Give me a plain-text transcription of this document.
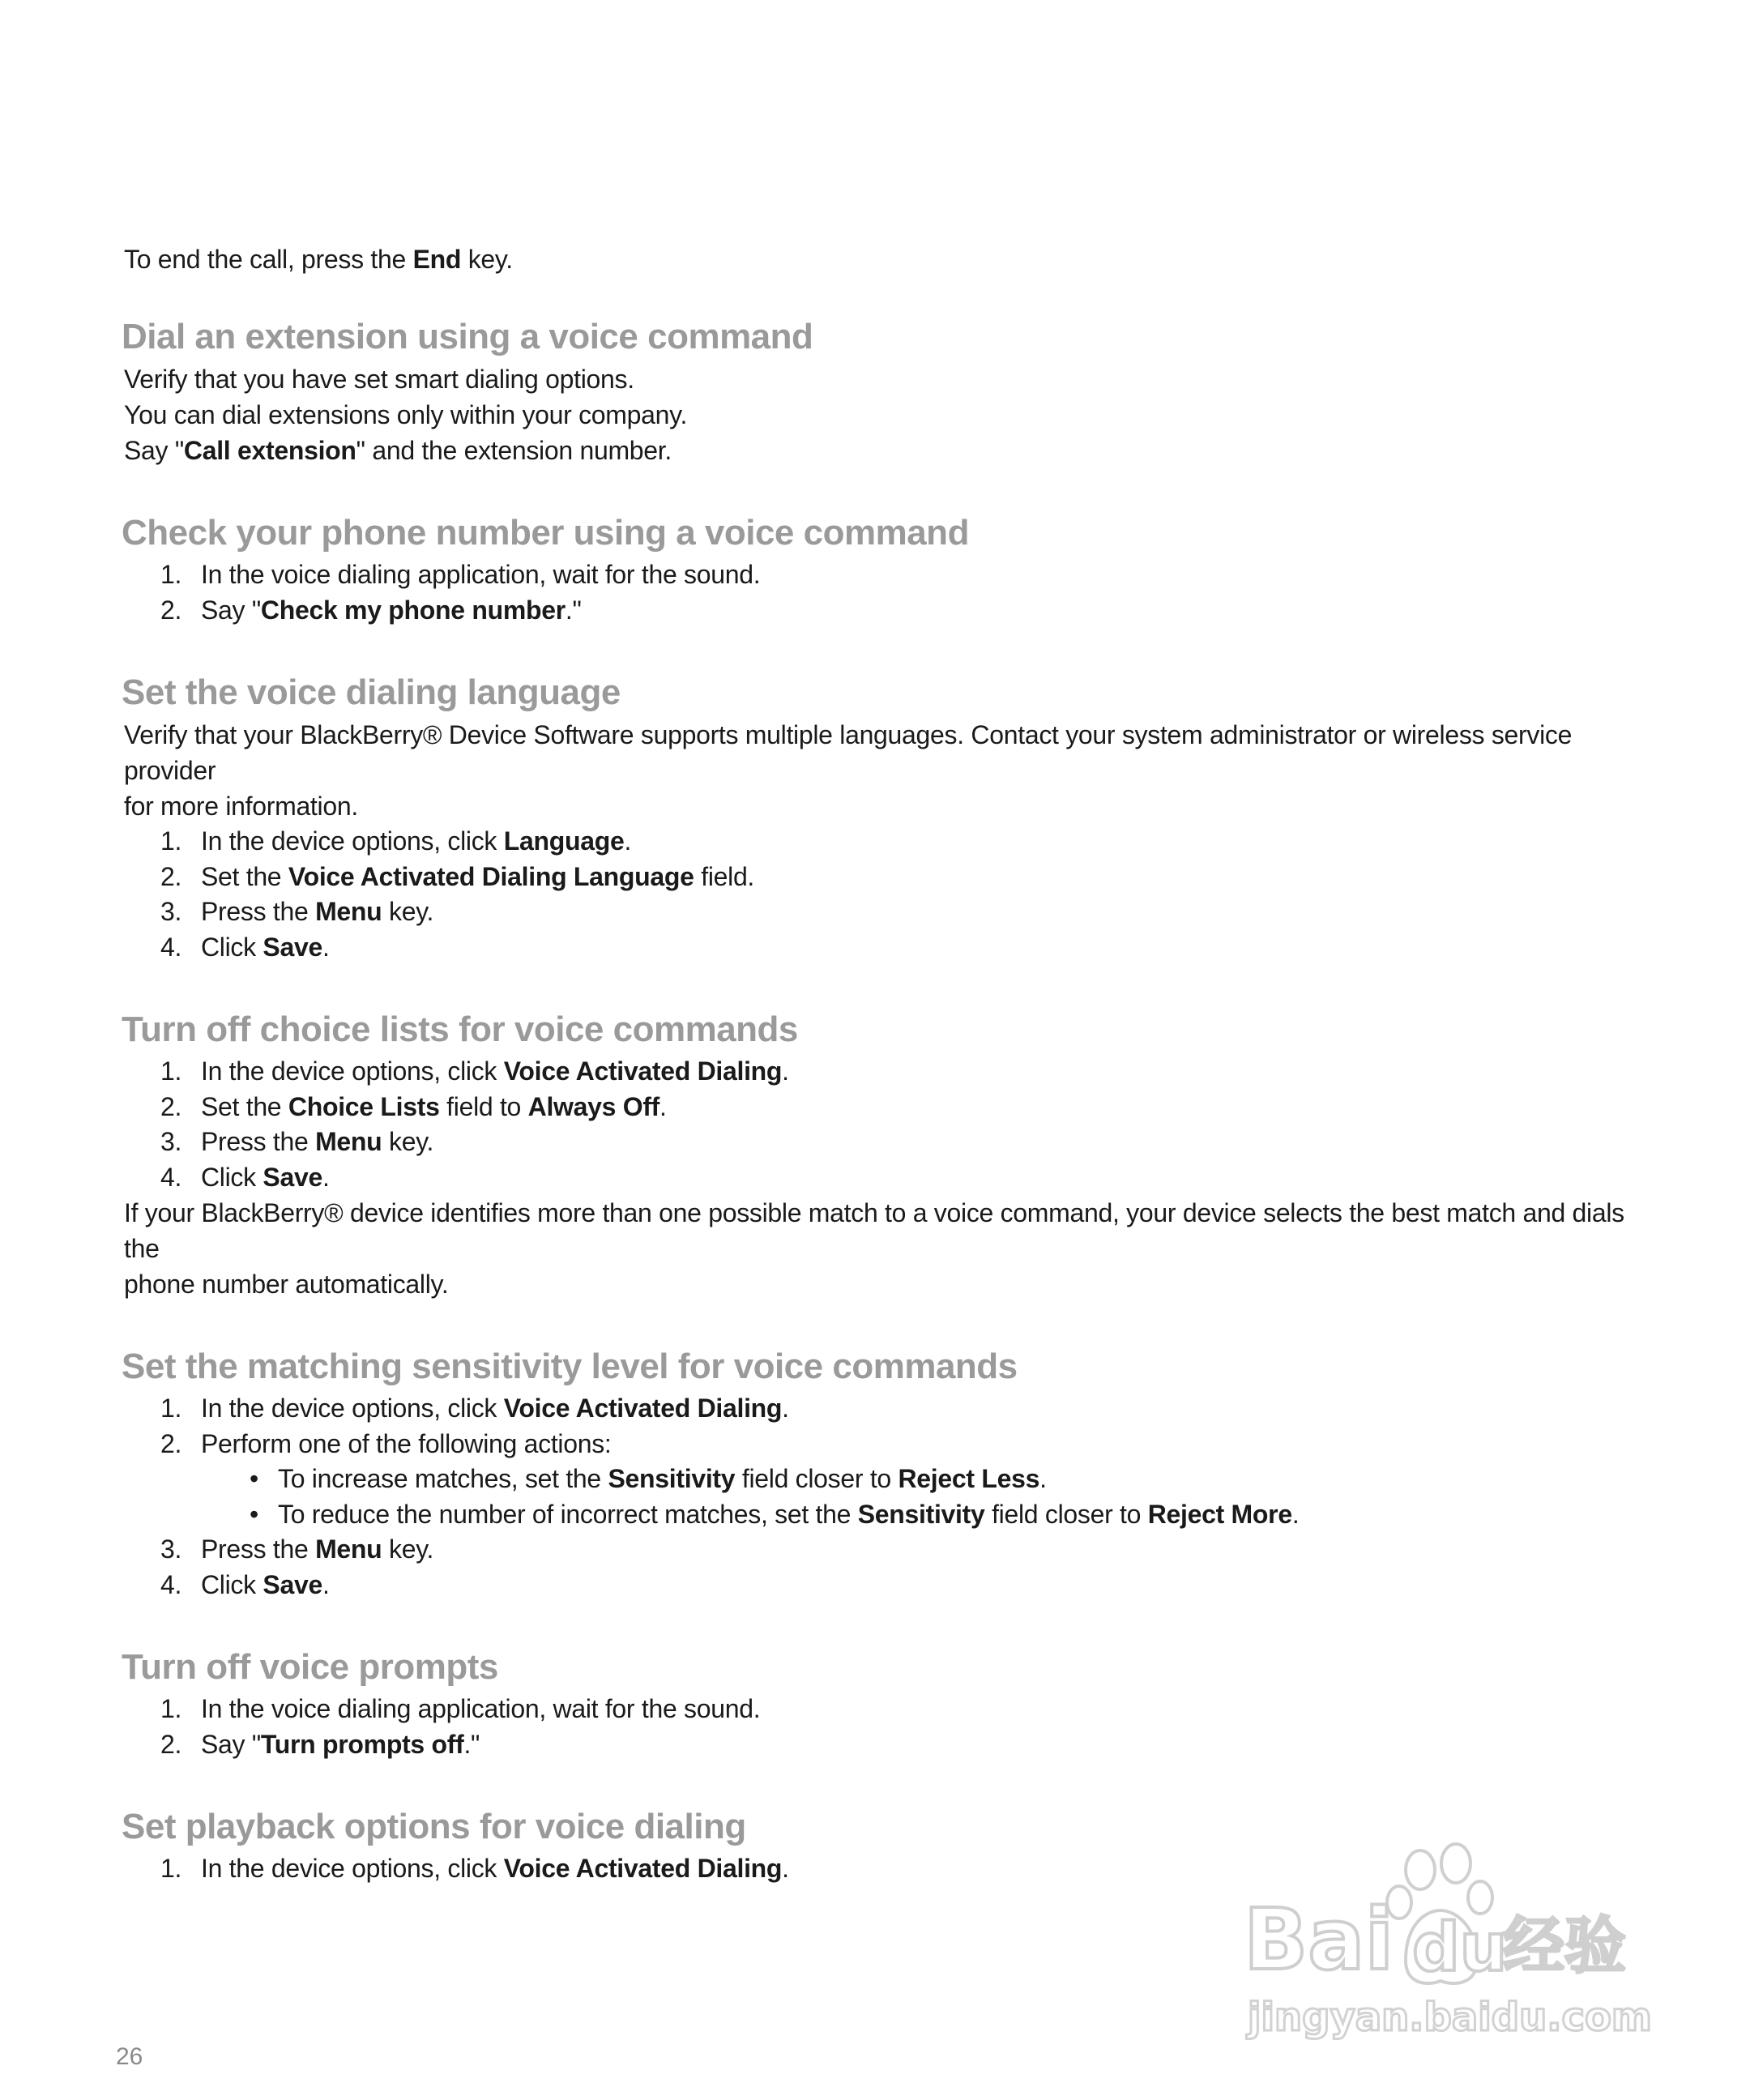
To end the call, press the End key.

Dial an extension using a voice command

Verify that you have set smart dialing options.

You can dial extensions only within your company.

Say "Call extension" and the extension number.

Check your phone number using a voice command
1. In the voice dialing application, wait for the sound.
2. Say "Check my phone number."
Set the voice dialing language

Verify that your BlackBerry® Device Software supports multiple languages. Contact your system administrator or wireless service provider

for more information.

1. In the device options, click Language.
2. Set the Voice Activated Dialing Language field.
3. Press the Menu key.
4. Click Save.
Turn off choice lists for voice commands
1. In the device options, click Voice Activated Dialing.
2. Set the Choice Lists field to Always Off.
3. Press the Menu key.
4. Click Save.

If your BlackBerry® device identifies more than one possible match to a voice command, your device selects the best match and dials the

phone number automatically.

Set the matching sensitivity level for voice commands
1. In the device options, click Voice Activated Dialing.
2. Perform one of the following actions:
• To increase matches, set the Sensitivity field closer to Reject Less.
• To reduce the number of incorrect matches, set the Sensitivity field closer to Reject More.
3. Press the Menu key.
4. Click Save.
Turn off voice prompts
1. In the voice dialing application, wait for the sound.
2. Say "Turn prompts off."
Set playback options for voice dialing
1. In the device options, click Voice Activated Dialing.
Bai du
经验
jingyan.baidu.com
26
